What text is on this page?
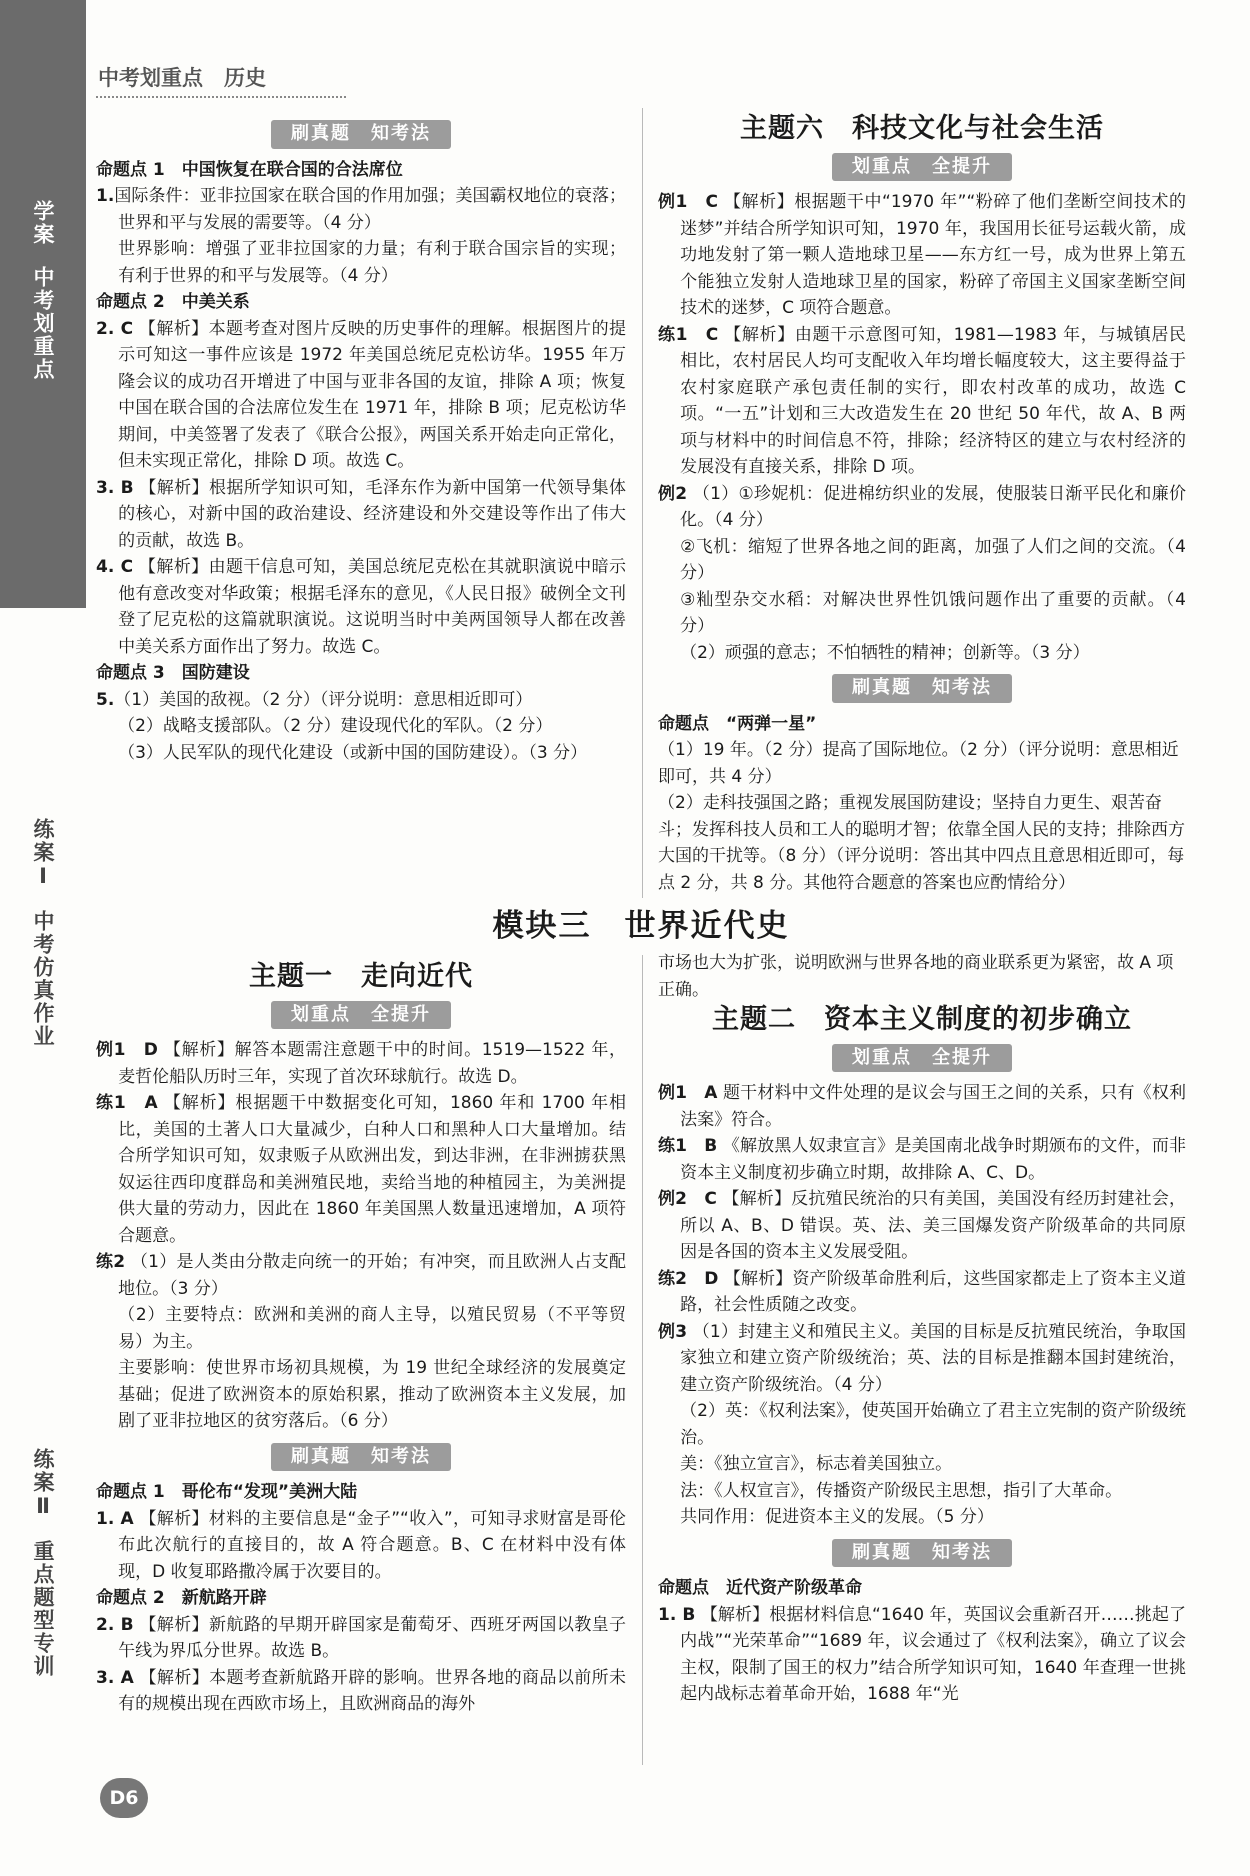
学案
中考划重点
练案Ⅰ
中考仿真作业
练案Ⅱ
重点题型专训
中考划重点　 历史
刷真题　知考法

命题点 1　中国恢复在联合国的合法席位

1.国际条件：亚非拉国家在联合国的作用加强；美国霸权地位的衰落；世界和平与发展的需要等。（4 分）

世界影响：增强了亚非拉国家的力量；有利于联合国宗旨的实现；有利于世界的和平与发展等。（4 分）

命题点 2　中美关系

2. C 【解析】本题考查对图片反映的历史事件的理解。根据图片的提示可知这一事件应该是 1972 年美国总统尼克松访华。1955 年万隆会议的成功召开增进了中国与亚非各国的友谊，排除 A 项；恢复中国在联合国的合法席位发生在 1971 年，排除 B 项；尼克松访华期间，中美签署了发表了《联合公报》，两国关系开始走向正常化，但未实现正常化，排除 D 项。故选 C。

3. B 【解析】根据所学知识可知，毛泽东作为新中国第一代领导集体的核心，对新中国的政治建设、经济建设和外交建设等作出了伟大的贡献，故选 B。

4. C 【解析】由题干信息可知，美国总统尼克松在其就职演说中暗示他有意改变对华政策；根据毛泽东的意见，《人民日报》破例全文刊登了尼克松的这篇就职演说。这说明当时中美两国领导人都在改善中美关系方面作出了努力。故选 C。

命题点 3　国防建设

5.（1）美国的敌视。（2 分）（评分说明：意思相近即可）

（2）战略支援部队。（2 分）建设现代化的军队。（2 分）

（3）人民军队的现代化建设（或新中国的国防建设）。（3 分）

主题六　科技文化与社会生活
划重点　全提升

例1　C 【解析】根据题干中“1970 年”“粉碎了他们垄断空间技术的迷梦”并结合所学知识可知，1970 年，我国用长征号运载火箭，成功地发射了第一颗人造地球卫星——东方红一号，成为世界上第五个能独立发射人造地球卫星的国家，粉碎了帝国主义国家垄断空间技术的迷梦，C 项符合题意。

练1　C 【解析】由题干示意图可知，1981—1983 年，与城镇居民相比，农村居民人均可支配收入年均增长幅度较大，这主要得益于农村家庭联产承包责任制的实行，即农村改革的成功，故选 C 项。“一五”计划和三大改造发生在 20 世纪 50 年代，故 A、B 两项与材料中的时间信息不符，排除；经济特区的建立与农村经济的发展没有直接关系，排除 D 项。

例2 （1）①珍妮机：促进棉纺织业的发展，使服装日渐平民化和廉价化。（4 分）

②飞机：缩短了世界各地之间的距离，加强了人们之间的交流。（4 分）

③籼型杂交水稻：对解决世界性饥饿问题作出了重要的贡献。（4 分）

（2）顽强的意志；不怕牺牲的精神；创新等。（3 分）

刷真题　知考法

命题点　“两弹一星”

（1）19 年。（2 分）提高了国际地位。（2 分）（评分说明：意思相近即可，共 4 分）

（2）走科技强国之路；重视发展国防建设；坚持自力更生、艰苦奋斗；发挥科技人员和工人的聪明才智；依靠全国人民的支持；排除西方大国的干扰等。（8 分）（评分说明：答出其中四点且意思相近即可，每点 2 分，共 8 分。其他符合题意的答案也应酌情给分）

模块三　世界近代史
主题一　走向近代
划重点　全提升

例1　D 【解析】解答本题需注意题干中的时间。1519—1522 年，麦哲伦船队历时三年，实现了首次环球航行。故选 D。

练1　A 【解析】根据题干中数据变化可知，1860 年和 1700 年相比，美国的土著人口大量减少，白种人口和黑种人口大量增加。结合所学知识可知，奴隶贩子从欧洲出发，到达非洲，在非洲掳获黑奴运往西印度群岛和美洲殖民地，卖给当地的种植园主，为美洲提供大量的劳动力，因此在 1860 年美国黑人数量迅速增加，A 项符合题意。

练2 （1）是人类由分散走向统一的开始；有冲突，而且欧洲人占支配地位。（3 分）

（2）主要特点：欧洲和美洲的商人主导，以殖民贸易（不平等贸易）为主。

主要影响：使世界市场初具规模，为 19 世纪全球经济的发展奠定基础；促进了欧洲资本的原始积累，推动了欧洲资本主义发展，加剧了亚非拉地区的贫穷落后。（6 分）

刷真题　知考法

命题点 1　哥伦布“发现”美洲大陆

1. A 【解析】材料的主要信息是“金子”“收入”，可知寻求财富是哥伦布此次航行的直接目的，故 A 符合题意。B、C 在材料中没有体现，D 收复耶路撒冷属于次要目的。

命题点 2　新航路开辟

2. B 【解析】新航路的早期开辟国家是葡萄牙、西班牙两国以教皇子午线为界瓜分世界。故选 B。

3. A 【解析】本题考查新航路开辟的影响。世界各地的商品以前所未有的规模出现在西欧市场上，且欧洲商品的海外

市场也大为扩张，说明欧洲与世界各地的商业联系更为紧密，故 A 项正确。

主题二　资本主义制度的初步确立
划重点　全提升

例1　A 题干材料中文件处理的是议会与国王之间的关系，只有《权利法案》符合。

练1　B 《解放黑人奴隶宣言》是美国南北战争时期颁布的文件，而非资本主义制度初步确立时期，故排除 A、C、D。

例2　C 【解析】反抗殖民统治的只有美国，美国没有经历封建社会，所以 A、B、D 错误。英、法、美三国爆发资产阶级革命的共同原因是各国的资本主义发展受阻。

练2　D 【解析】资产阶级革命胜利后，这些国家都走上了资本主义道路，社会性质随之改变。

例3 （1）封建主义和殖民主义。美国的目标是反抗殖民统治，争取国家独立和建立资产阶级统治；英、法的目标是推翻本国封建统治，建立资产阶级统治。（4 分）

（2）英：《权利法案》，使英国开始确立了君主立宪制的资产阶级统治。

美：《独立宣言》，标志着美国独立。

法：《人权宣言》，传播资产阶级民主思想，指引了大革命。

共同作用：促进资本主义的发展。（5 分）

刷真题　知考法

命题点　近代资产阶级革命

1. B 【解析】根据材料信息“1640 年，英国议会重新召开……挑起了内战”“光荣革命”“1689 年，议会通过了《权利法案》，确立了议会主权，限制了国王的权力”结合所学知识可知，1640 年查理一世挑起内战标志着革命开始，1688 年“光

D6
